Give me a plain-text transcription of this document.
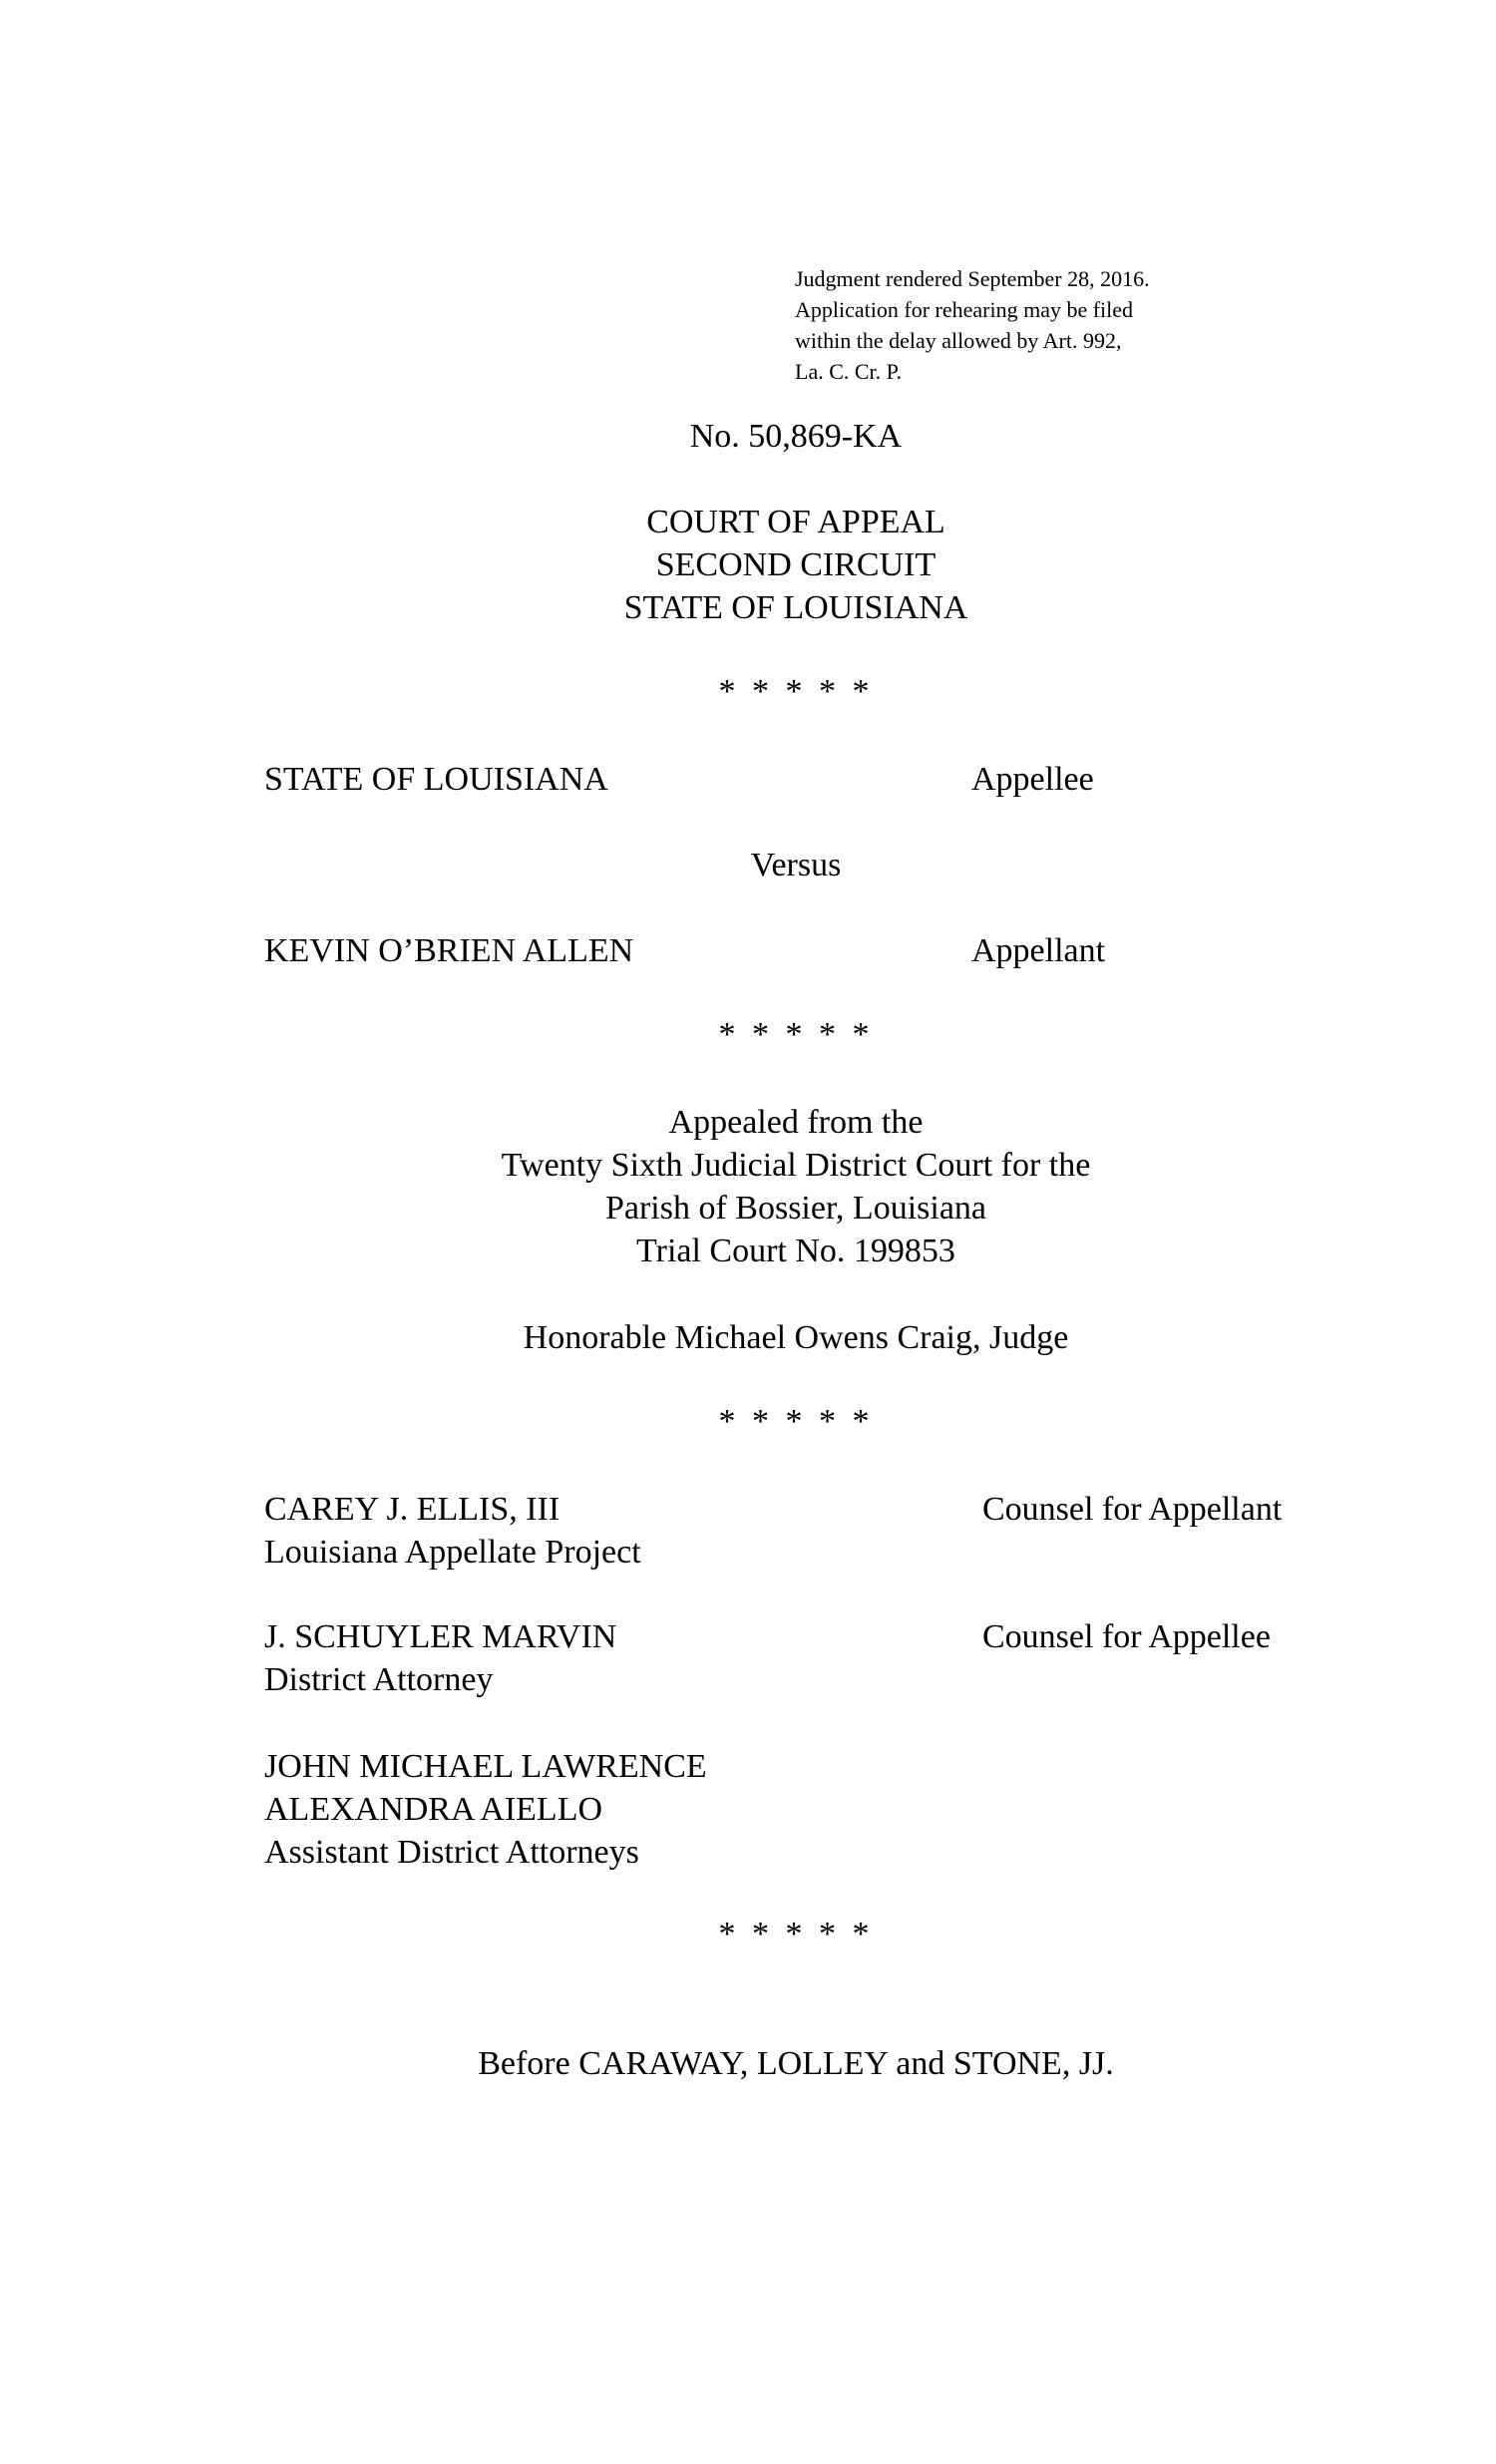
Judgment rendered September 28, 2016.
Application for rehearing may be filed
within the delay allowed by Art. 992,
La. C. Cr. P.
No. 50,869-KA
COURT OF APPEAL
SECOND CIRCUIT
STATE OF LOUISIANA
* * * * *
STATE OF LOUISIANA	Appellee
Versus
KEVIN O’BRIEN ALLEN	Appellant
* * * * *
Appealed from the
Twenty Sixth Judicial District Court for the
Parish of Bossier, Louisiana
Trial Court No. 199853
Honorable Michael Owens Craig, Judge
* * * * *
CAREY J. ELLIS, III
Louisiana Appellate Project
Counsel for Appellant
J. SCHUYLER MARVIN
District Attorney
Counsel for Appellee
JOHN MICHAEL LAWRENCE
ALEXANDRA AIELLO
Assistant District Attorneys
* * * * *
Before CARAWAY, LOLLEY and STONE, JJ.
